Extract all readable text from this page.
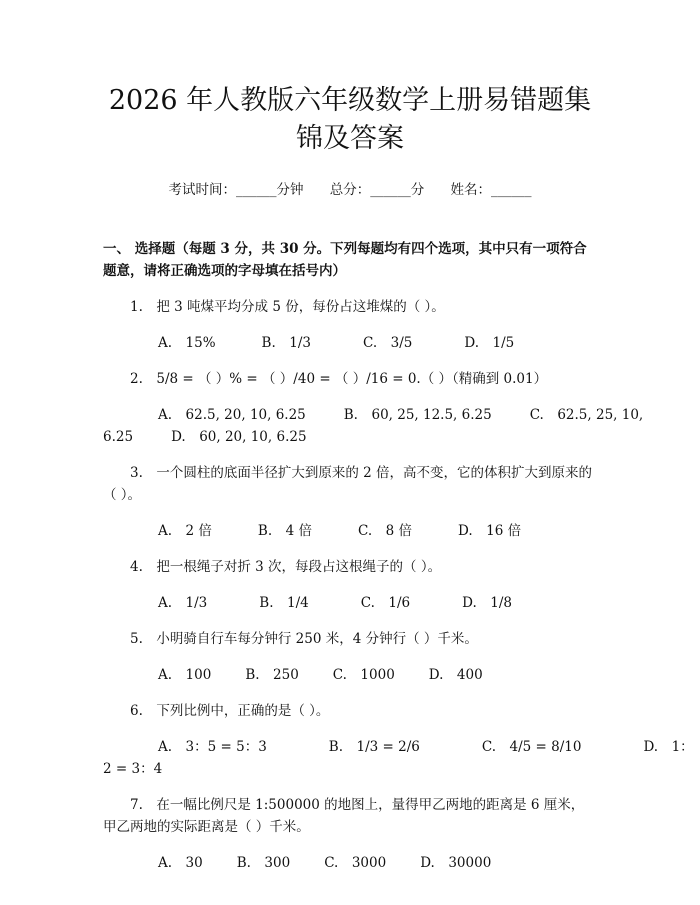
2026 年人教版六年级数学上册易错题集锦及答案
考试时间：______分钟 总分：______分 姓名：______
一、 选择题（每题 3 分，共 30 分。下列每题均有四个选项，其中只有一项符合题意，请将正确选项的字母填在括号内）
1.　把 3 吨煤平均分成 5 份，每份占这堆煤的（ ）。
A.　15%	B.　1/3	C.　3/5	D.　1/5
2.　5/8 = （ ）% = （ ）/40 = （ ）/16 = 0.（ ）（精确到 0.01）
A.　62.5, 20, 10, 6.25	B.　60, 25, 12.5, 6.25	C.　62.5, 25, 10, 6.25	D.　60, 20, 10, 6.25
3.　一个圆柱的底面半径扩大到原来的 2 倍，高不变，它的体积扩大到原来的（ ）。
A.　2 倍	B.　4 倍	C.　8 倍	D.　16 倍
4.　把一根绳子对折 3 次，每段占这根绳子的（ ）。
A.　1/3	B.　1/4	C.　1/6	D.　1/8
5.　小明骑自行车每分钟行 250 米，4 分钟行（ ）千米。
A.　100	B.　250	C.　1000	D.　400
6.　下列比例中，正确的是（ ）。
A.　3：5 = 5：3	B.　1/3 = 2/6	C.　4/5 = 8/10	D.　1：2 = 3：4
7.　在一幅比例尺是 1:500000 的地图上，量得甲乙两地的距离是 6 厘米，甲乙两地的实际距离是（ ）千米。
A.　30	B.　300	C.　3000	D.　30000
